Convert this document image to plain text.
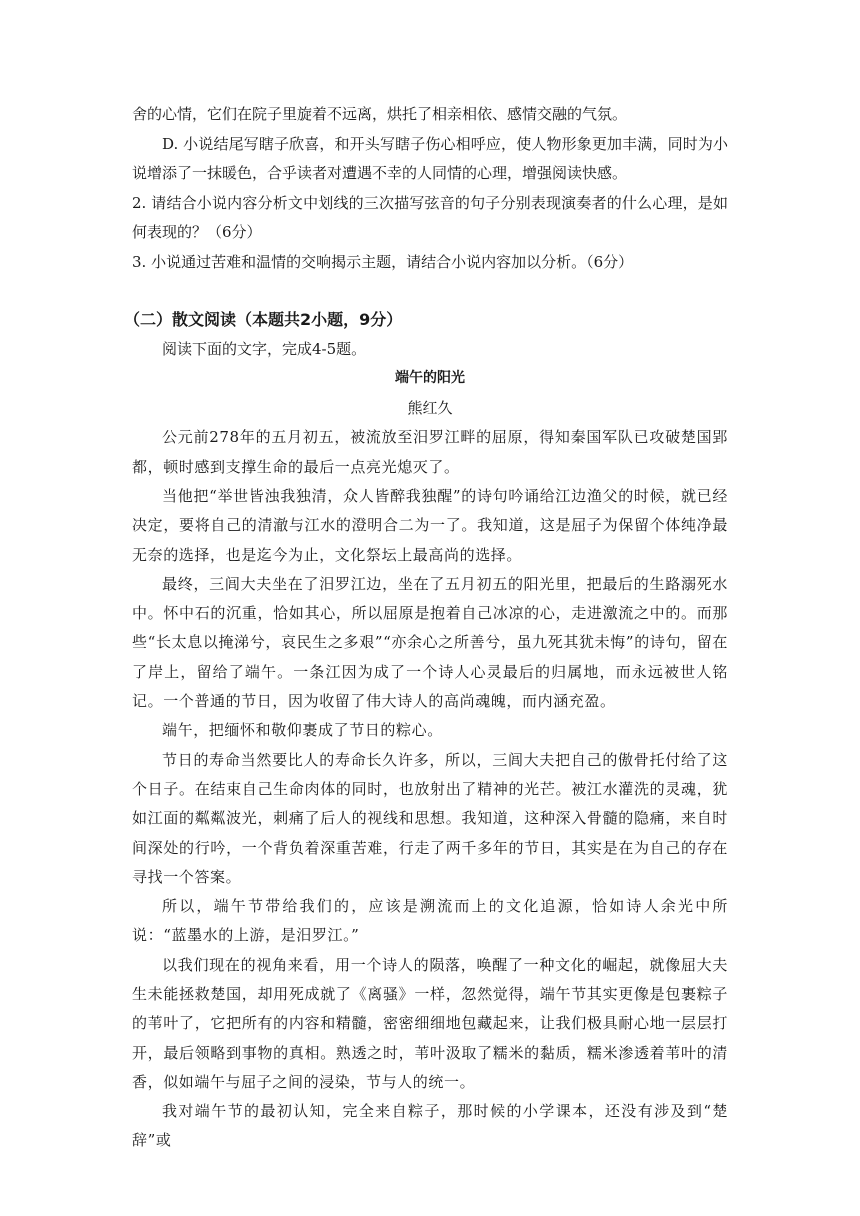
舍的心情，它们在院子里旋着不远离，烘托了相亲相依、感情交融的气氛。

D. 小说结尾写瞎子欣喜，和开头写瞎子伤心相呼应，使人物形象更加丰满，同时为小说增添了一抹暖色，合乎读者对遭遇不幸的人同情的心理，增强阅读快感。

2. 请结合小说内容分析文中划线的三次描写弦音的句子分别表现演奏者的什么心理，是如何表现的？（6分）

3. 小说通过苦难和温情的交响揭示主题，请结合小说内容加以分析。（6分）

（二）散文阅读（本题共2小题，9分）

阅读下面的文字，完成4-5题。

端午的阳光

熊红久

公元前278年的五月初五，被流放至汨罗江畔的屈原，得知秦国军队已攻破楚国郢都，顿时感到支撑生命的最后一点亮光熄灭了。

当他把“举世皆浊我独清，众人皆醉我独醒”的诗句吟诵给江边渔父的时候，就已经决定，要将自己的清澈与江水的澄明合二为一了。我知道，这是屈子为保留个体纯净最无奈的选择，也是迄今为止，文化祭坛上最高尚的选择。

最终，三闾大夫坐在了汨罗江边，坐在了五月初五的阳光里，把最后的生路溺死水中。怀中石的沉重，恰如其心，所以屈原是抱着自己冰凉的心，走进激流之中的。而那些“长太息以掩涕兮，哀民生之多艰”“亦余心之所善兮，虽九死其犹未悔”的诗句，留在了岸上，留给了端午。一条江因为成了一个诗人心灵最后的归属地，而永远被世人铭记。一个普通的节日，因为收留了伟大诗人的高尚魂魄，而内涵充盈。

端午，把缅怀和敬仰裹成了节日的粽心。

节日的寿命当然要比人的寿命长久许多，所以，三闾大夫把自己的傲骨托付给了这个日子。在结束自己生命肉体的同时，也放射出了精神的光芒。被江水灌洗的灵魂，犹如江面的粼粼波光，刺痛了后人的视线和思想。我知道，这种深入骨髓的隐痛，来自时间深处的行吟，一个背负着深重苦难，行走了两千多年的节日，其实是在为自己的存在寻找一个答案。

所以，端午节带给我们的，应该是溯流而上的文化追源，恰如诗人余光中所说：“蓝墨水的上游，是汨罗江。”

以我们现在的视角来看，用一个诗人的陨落，唤醒了一种文化的崛起，就像屈大夫生未能拯救楚国，却用死成就了《离骚》一样，忽然觉得，端午节其实更像是包裹粽子的苇叶了，它把所有的内容和精髓，密密细细地包藏起来，让我们极具耐心地一层层打开，最后领略到事物的真相。熟透之时，苇叶汲取了糯米的黏质，糯米渗透着苇叶的清香，似如端午与屈子之间的浸染，节与人的统一。

我对端午节的最初认知，完全来自粽子，那时候的小学课本，还没有涉及到“楚辞”或
